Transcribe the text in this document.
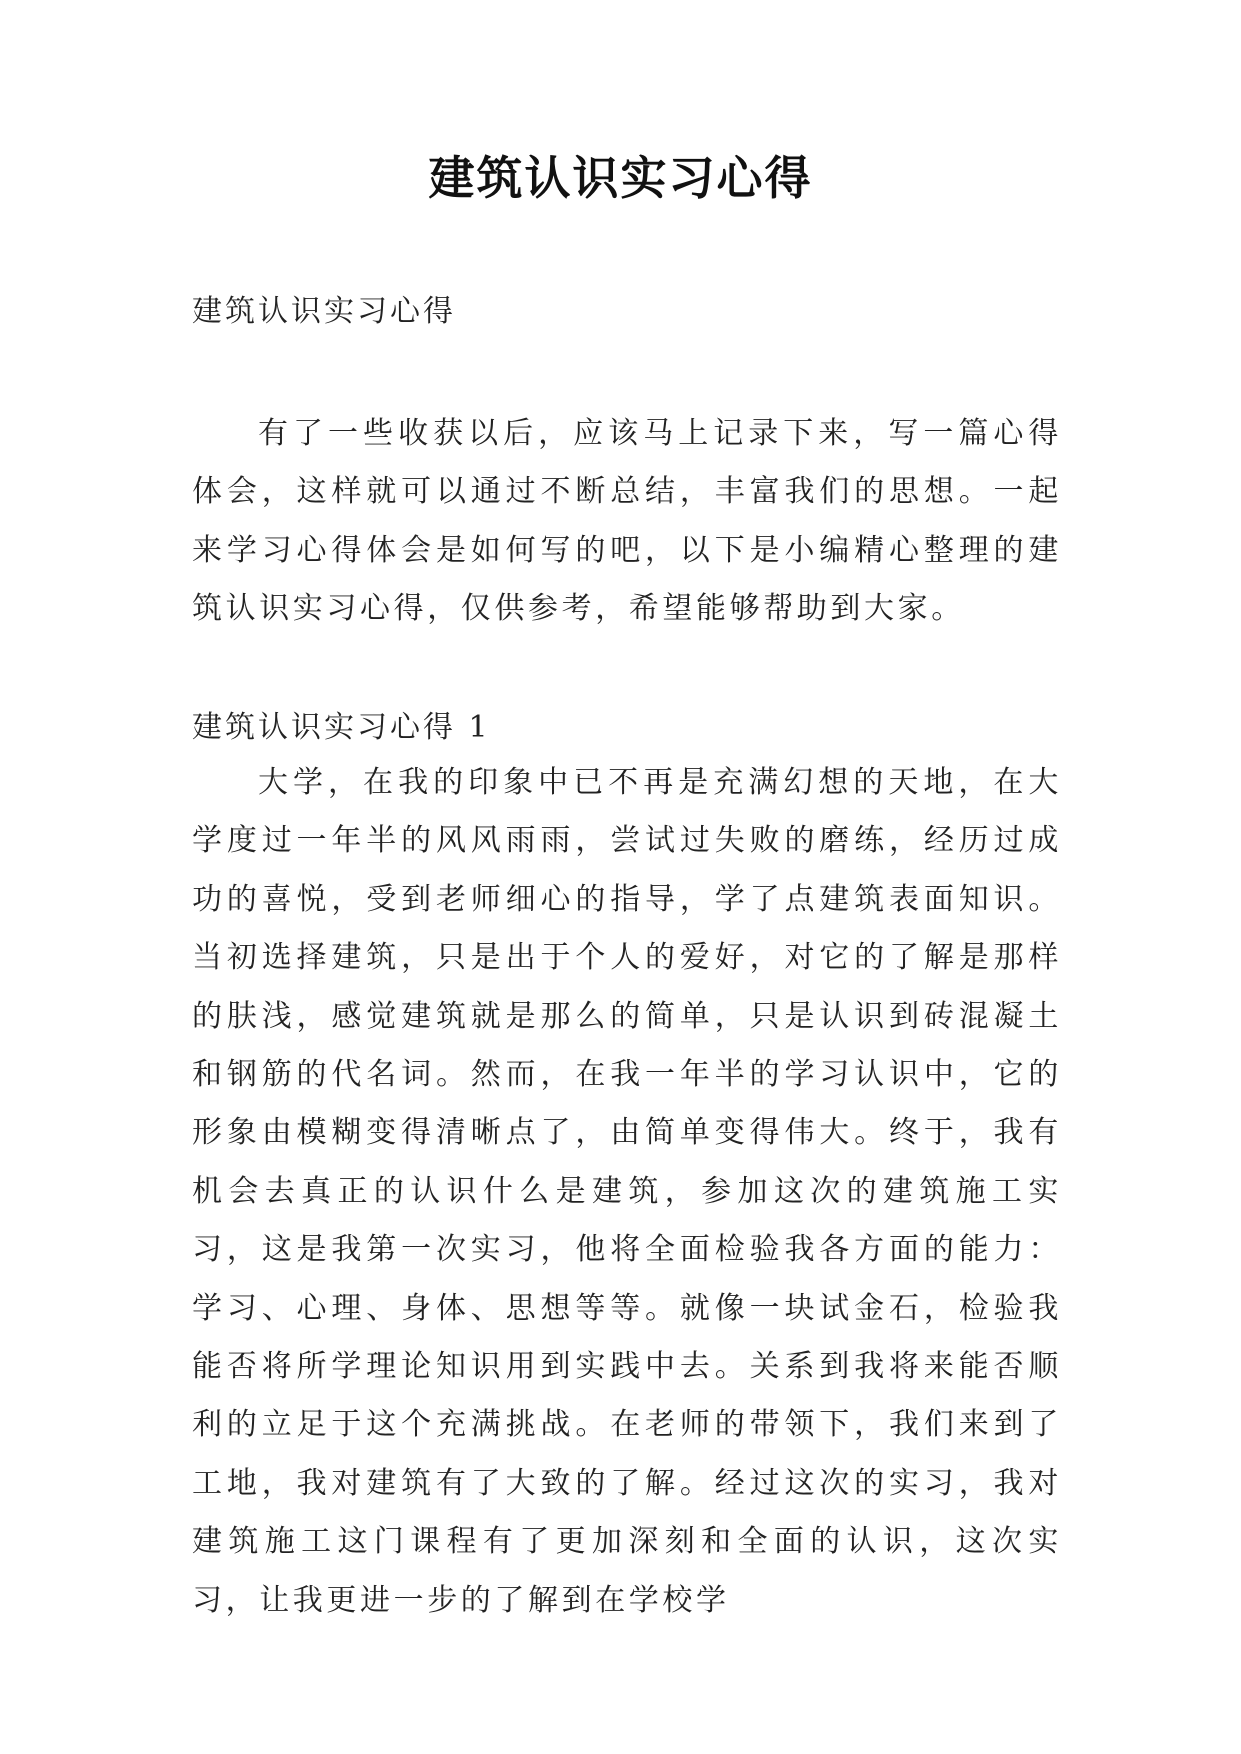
建筑认识实习心得
建筑认识实习心得

有了一些收获以后，应该马上记录下来，写一篇心得体会，这样就可以通过不断总结，丰富我们的思想。一起来学习心得体会是如何写的吧，以下是小编精心整理的建筑认识实习心得，仅供参考，希望能够帮助到大家。

建筑认识实习心得 1

大学，在我的印象中已不再是充满幻想的天地，在大学度过一年半的风风雨雨，尝试过失败的磨练，经历过成功的喜悦，受到老师细心的指导，学了点建筑表面知识。当初选择建筑，只是出于个人的爱好，对它的了解是那样的肤浅，感觉建筑就是那么的简单，只是认识到砖混凝土和钢筋的代名词。然而，在我一年半的学习认识中，它的形象由模糊变得清晰点了，由简单变得伟大。终于，我有机会去真正的认识什么是建筑，参加这次的建筑施工实习，这是我第一次实习，他将全面检验我各方面的能力：学习、心理、身体、思想等等。就像一块试金石，检验我能否将所学理论知识用到实践中去。关系到我将来能否顺利的立足于这个充满挑战。在老师的带领下，我们来到了工地，我对建筑有了大致的了解。经过这次的实习，我对建筑施工这门课程有了更加深刻和全面的认识，这次实习，让我更进一步的了解到在学校学
